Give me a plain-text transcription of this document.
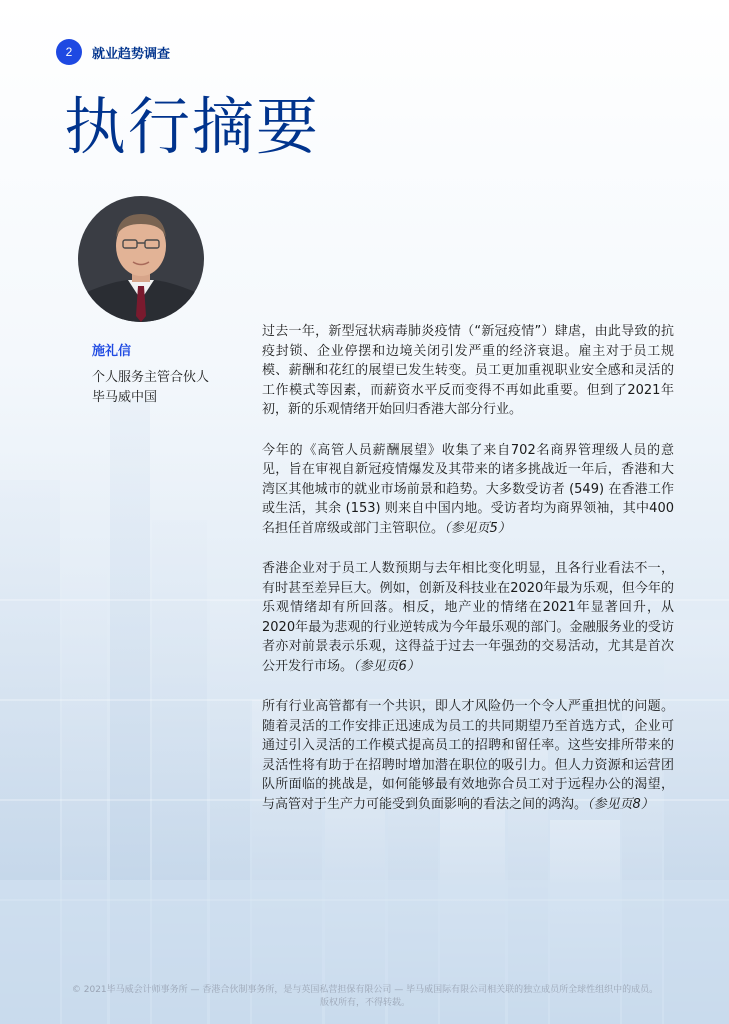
2	就业趋势调查
执行摘要
施礼信
个人服务主管合伙人
毕马威中国

过去一年，新型冠状病毒肺炎疫情（“新冠疫情”）肆虐，由此导致的抗疫封锁、企业停摆和边境关闭引发严重的经济衰退。雇主对于员工规模、薪酬和花红的展望已发生转变。员工更加重视职业安全感和灵活的工作模式等因素，而薪资水平反而变得不再如此重要。但到了2021年初，新的乐观情绪开始回归香港大部分行业。

今年的《高管人员薪酬展望》收集了来自702名商界管理级人员的意见，旨在审视自新冠疫情爆发及其带来的诸多挑战近一年后，香港和大湾区其他城市的就业市场前景和趋势。大多数受访者 (549) 在香港工作或生活，其余 (153) 则来自中国内地。受访者均为商界领袖，其中400名担任首席级或部门主管职位。（参见页5）

香港企业对于员工人数预期与去年相比变化明显，且各行业看法不一，有时甚至差异巨大。例如，创新及科技业在2020年最为乐观，但今年的乐观情绪却有所回落。相反，地产业的情绪在2021年显著回升，从2020年最为悲观的行业逆转成为今年最乐观的部门。金融服务业的受访者亦对前景表示乐观，这得益于过去一年强劲的交易活动，尤其是首次公开发行市场。（参见页6）

所有行业高管都有一个共识，即人才风险仍一个令人严重担忧的问题。随着灵活的工作安排正迅速成为员工的共同期望乃至首选方式，企业可通过引入灵活的工作模式提高员工的招聘和留任率。这些安排所带来的灵活性将有助于在招聘时增加潜在职位的吸引力。但人力资源和运营团队所面临的挑战是，如何能够最有效地弥合员工对于远程办公的渴望，与高管对于生产力可能受到负面影响的看法之间的鸿沟。（参见页8）

© 2021毕马威会计师事务所 — 香港合伙制事务所，是与英国私营担保有限公司 — 毕马威国际有限公司相关联的独立成员所全球性组织中的成员。
版权所有，不得转载。
